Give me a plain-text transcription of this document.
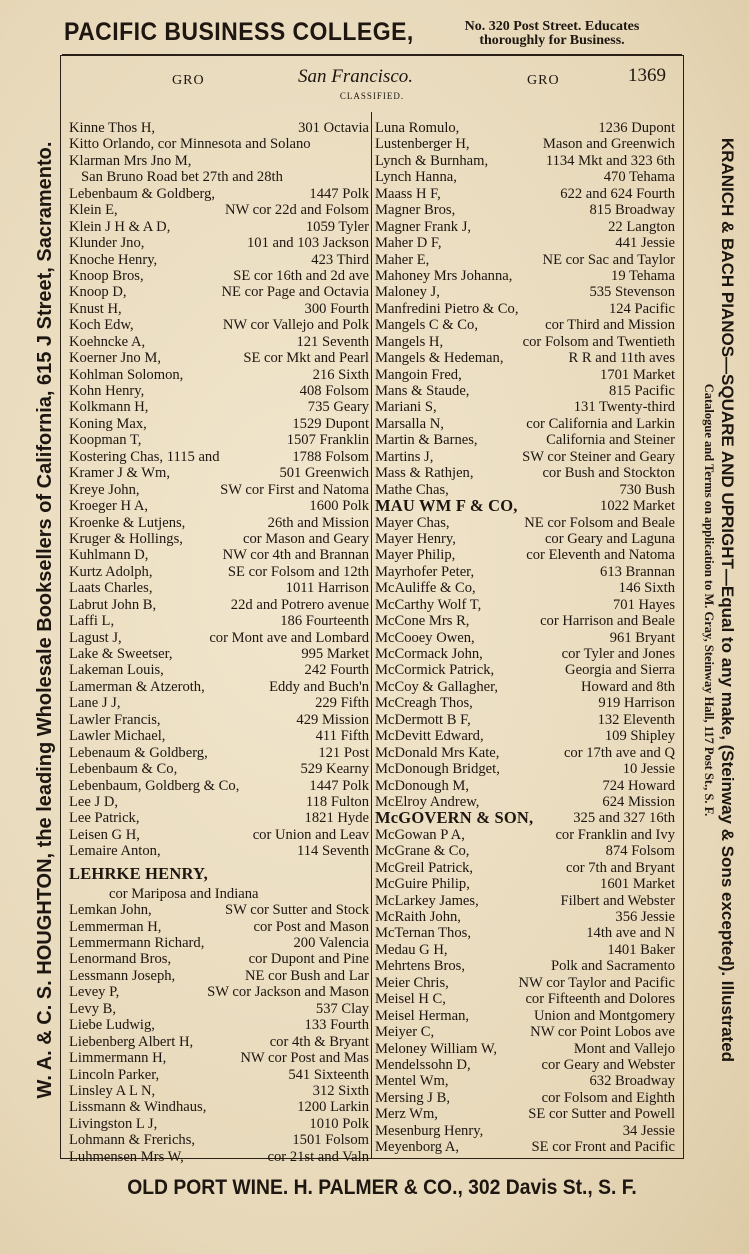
PACIFIC BUSINESS COLLEGE,	No. 320 Post Street. Educates
thoroughly for Business.
W. A. & C. S. HOUGHTON, the leading Wholesale Booksellers of California, 615 J Street, Sacramento.	KRANICH & BACH PIANOS—SQUARE AND UPRIGHT—Equal to any make, (Steinway & Sons excepted). Illustrated
Catalogue and Terms on application to M. Gray, Steinway Hall, 117 Post St., S. F.
GRO	San Francisco.	GRO	1369
CLASSIFIED.
Kinne Thos H,	301 Octavia
Kitto Orlando, cor Minnesota and Solano
Klarman Mrs Jno M,
San Bruno Road bet 27th and 28th
Lebenbaum & Goldberg,	1447 Polk
Klein E,	NW cor 22d and Folsom
Klein J H & A D,	1059 Tyler
Klunder Jno,	101 and 103 Jackson
Knoche Henry,	423 Third
Knoop Bros,	SE cor 16th and 2d ave
Knoop D,	NE cor Page and Octavia
Knust H,	300 Fourth
Koch Edw,	NW cor Vallejo and Polk
Koehncke A,	121 Seventh
Koerner Jno M,	SE cor Mkt and Pearl
Kohlman Solomon,	216 Sixth
Kohn Henry,	408 Folsom
Kolkmann H,	735 Geary
Koning Max,	1529 Dupont
Koopman T,	1507 Franklin
Kostering Chas, 1115 and	1788 Folsom
Kramer J & Wm,	501 Greenwich
Kreye John,	SW cor First and Natoma
Kroeger H A,	1600 Polk
Kroenke & Lutjens,	26th and Mission
Kruger & Hollings,	cor Mason and Geary
Kuhlmann D,	NW cor 4th and Brannan
Kurtz Adolph,	SE cor Folsom and 12th
Laats Charles,	1011 Harrison
Labrut John B,	22d and Potrero avenue
Laffi L,	186 Fourteenth
Lagust J,	cor Mont ave and Lombard
Lake & Sweetser,	995 Market
Lakeman Louis,	242 Fourth
Lamerman & Atzeroth,	Eddy and Buch'n
Lane J J,	229 Fifth
Lawler Francis,	429 Mission
Lawler Michael,	411 Fifth
Lebenaum & Goldberg,	121 Post
Lebenbaum & Co,	529 Kearny
Lebenbaum, Goldberg & Co,	1447 Polk
Lee J D,	118 Fulton
Lee Patrick,	1821 Hyde
Leisen G H,	cor Union and Leav
Lemaire Anton,	114 Seventh
LEHRKE HENRY,
cor Mariposa and Indiana
Lemkan John,	SW cor Sutter and Stock
Lemmerman H,	cor Post and Mason
Lemmermann Richard,	200 Valencia
Lenormand Bros,	cor Dupont and Pine
Lessmann Joseph,	NE cor Bush and Lar
Levey P,	SW cor Jackson and Mason
Levy B,	537 Clay
Liebe Ludwig,	133 Fourth
Liebenberg Albert H,	cor 4th & Bryant
Limmermann H,	NW cor Post and Mas
Lincoln Parker,	541 Sixteenth
Linsley A L N,	312 Sixth
Lissmann & Windhaus,	1200 Larkin
Livingston L J,	1010 Polk
Lohmann & Frerichs,	1501 Folsom
Luhmensen Mrs W,	cor 21st and Valn
Luna Romulo,	1236 Dupont
Lustenberger H,	Mason and Greenwich
Lynch & Burnham,	1134 Mkt and 323 6th
Lynch Hanna,	470 Tehama
Maass H F,	622 and 624 Fourth
Magner Bros,	815 Broadway
Magner Frank J,	22 Langton
Maher D F,	441 Jessie
Maher E,	NE cor Sac and Taylor
Mahoney Mrs Johanna,	19 Tehama
Maloney J,	535 Stevenson
Manfredini Pietro & Co,	124 Pacific
Mangels C & Co,	cor Third and Mission
Mangels H,	cor Folsom and Twentieth
Mangels & Hedeman,	R R and 11th aves
Mangoin Fred,	1701 Market
Mans & Staude,	815 Pacific
Mariani S,	131 Twenty-third
Marsalla N,	cor California and Larkin
Martin & Barnes,	California and Steiner
Martins J,	SW cor Steiner and Geary
Mass & Rathjen,	cor Bush and Stockton
Mathe Chas,	730 Bush
MAU WM F & CO,	1022 Market
Mayer Chas,	NE cor Folsom and Beale
Mayer Henry,	cor Geary and Laguna
Mayer Philip,	cor Eleventh and Natoma
Mayrhofer Peter,	613 Brannan
McAuliffe & Co,	146 Sixth
McCarthy Wolf T,	701 Hayes
McCone Mrs R,	cor Harrison and Beale
McCooey Owen,	961 Bryant
McCormack John,	cor Tyler and Jones
McCormick Patrick,	Georgia and Sierra
McCoy & Gallagher,	Howard and 8th
McCreagh Thos,	919 Harrison
McDermott B F,	132 Eleventh
McDevitt Edward,	109 Shipley
McDonald Mrs Kate,	cor 17th ave and Q
McDonough Bridget,	10 Jessie
McDonough M,	724 Howard
McElroy Andrew,	624 Mission
McGOVERN & SON,	325 and 327 16th
McGowan P A,	cor Franklin and Ivy
McGrane & Co,	874 Folsom
McGreil Patrick,	cor 7th and Bryant
McGuire Philip,	1601 Market
McLarkey James,	Filbert and Webster
McRaith John,	356 Jessie
McTernan Thos,	14th ave and N
Medau G H,	1401 Baker
Mehrtens Bros,	Polk and Sacramento
Meier Chris,	NW cor Taylor and Pacific
Meisel H C,	cor Fifteenth and Dolores
Meisel Herman,	Union and Montgomery
Meiyer C,	NW cor Point Lobos ave
Meloney William W,	Mont and Vallejo
Mendelssohn D,	cor Geary and Webster
Mentel Wm,	632 Broadway
Mersing J B,	cor Folsom and Eighth
Merz Wm,	SE cor Sutter and Powell
Mesenburg Henry,	34 Jessie
Meyenborg A,	SE cor Front and Pacific
OLD PORT WINE. H. PALMER & CO., 302 Davis St., S. F.
